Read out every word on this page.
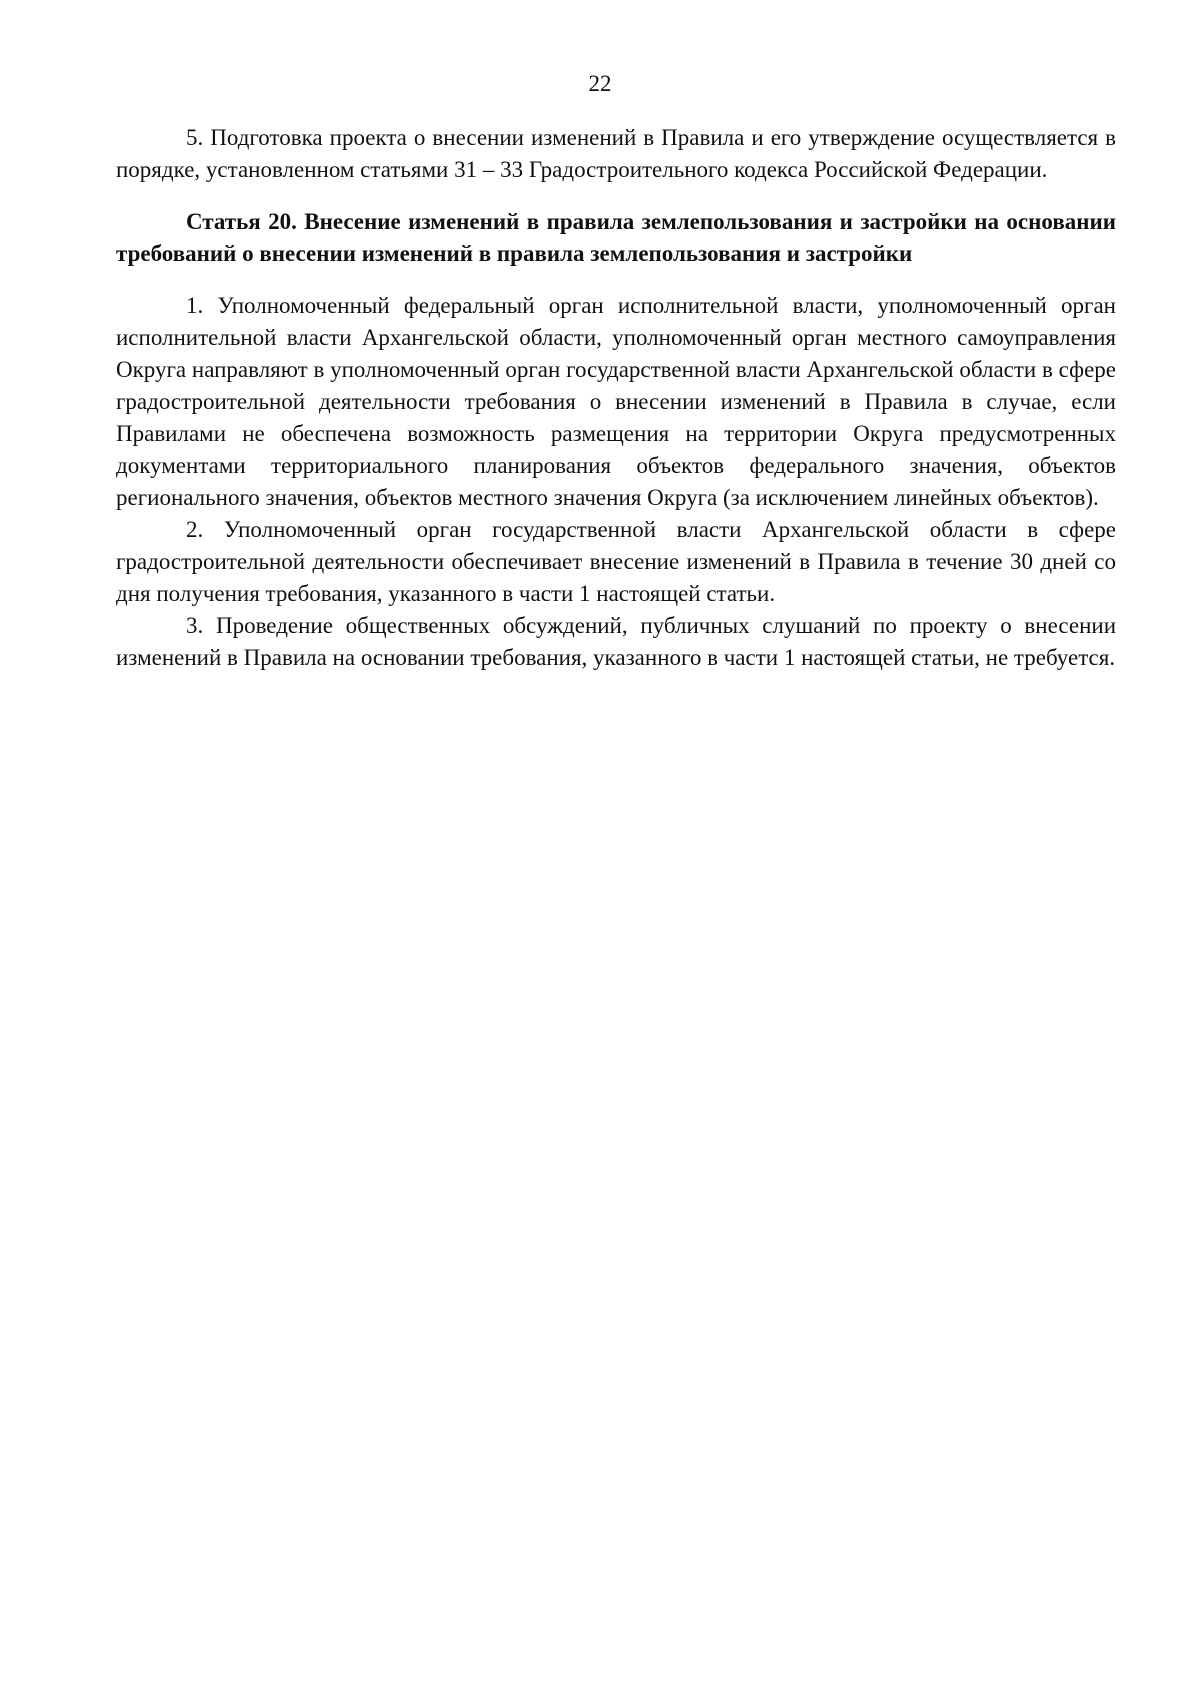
22

5. Подготовка проекта о внесении изменений в Правила и его утверждение осуществляется в порядке, установленном статьями 31 – 33 Градостроительного кодекса Российской Федерации.

Статья 20. Внесение изменений в правила землепользования и застройки на основании требований о внесении изменений в правила землепользования и застройки

1. Уполномоченный федеральный орган исполнительной власти, уполномоченный орган исполнительной власти Архангельской области, уполномоченный орган местного самоуправления Округа направляют в уполномоченный орган государственной власти Архангельской области в сфере градостроительной деятельности требования о внесении изменений в Правила в случае, если Правилами не обеспечена возможность размещения на территории Округа предусмотренных документами территориального планирования объектов федерального значения, объектов регионального значения, объектов местного значения Округа (за исключением линейных объектов).

2. Уполномоченный орган государственной власти Архангельской области в сфере градостроительной деятельности обеспечивает внесение изменений в Правила в течение 30 дней со дня получения требования, указанного в части 1 настоящей статьи.

3. Проведение общественных обсуждений, публичных слушаний по проекту о внесении изменений в Правила на основании требования, указанного в части 1 настоящей статьи, не требуется.
